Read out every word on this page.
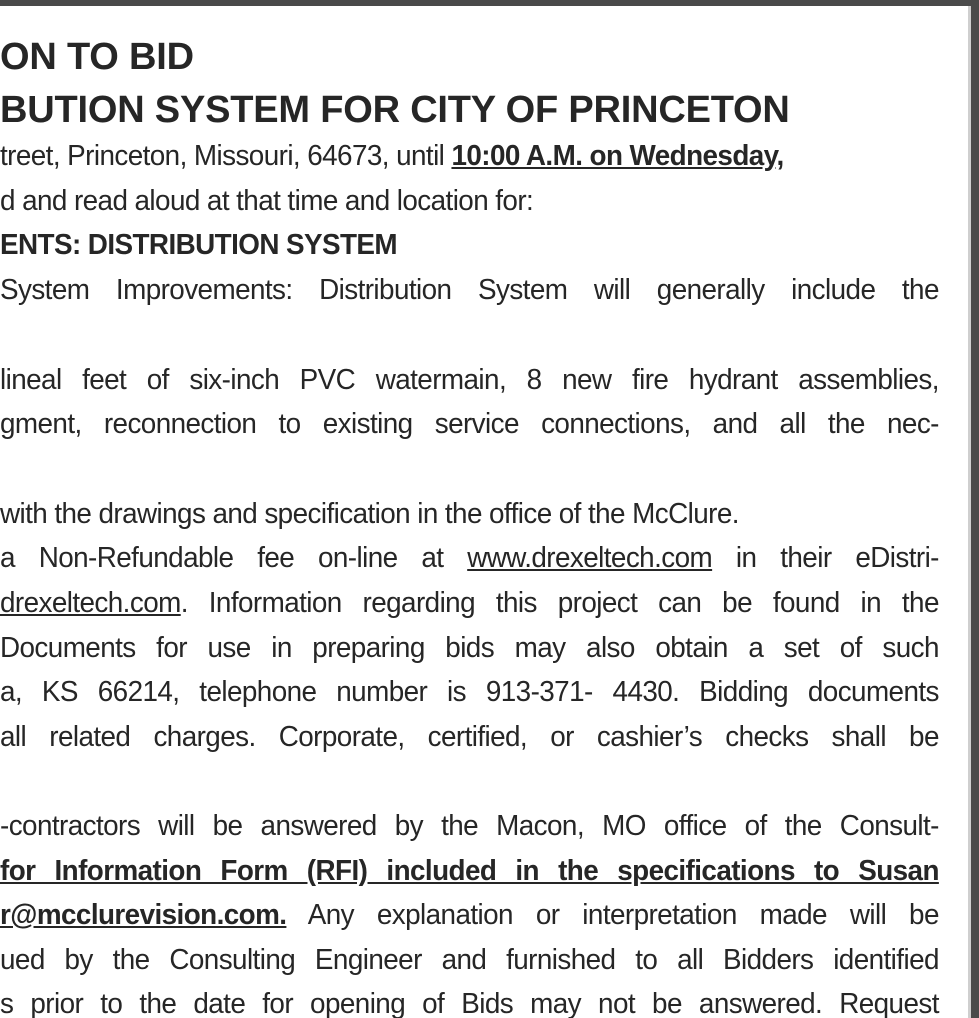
ON TO BID
BUTION SYSTEM FOR CITY OF PRINCETON
treet, Princeton, Missouri, 64673, until 10:00 A.M. on Wednesday,
d and read aloud at that time and location for:
ENTS: DISTRIBUTION SYSTEM
System Improvements: Distribution System will generally include the
lineal feet of six-inch PVC watermain, 8 new fire hydrant assemblies,
gment, reconnection to existing service connections, and all the nec-
with the drawings and specification in the office of the McClure.
a Non-Refundable fee on-line at www.drexeltech.com in their eDistri-
drexeltech.com. Information regarding this project can be found in the
Documents for use in preparing bids may also obtain a set of such
a, KS 66214, telephone number is 913-371- 4430. Bidding documents
all related charges. Corporate, certified, or cashier’s checks shall be
-contractors will be answered by the Macon, MO office of the Consult-
for Information Form (RFI) included in the specifications to Susan
r@mcclurevision.com. Any explanation or interpretation made will be
ued by the Consulting Engineer and furnished to all Bidders identified
s prior to the date for opening of Bids may not be answered. Request
